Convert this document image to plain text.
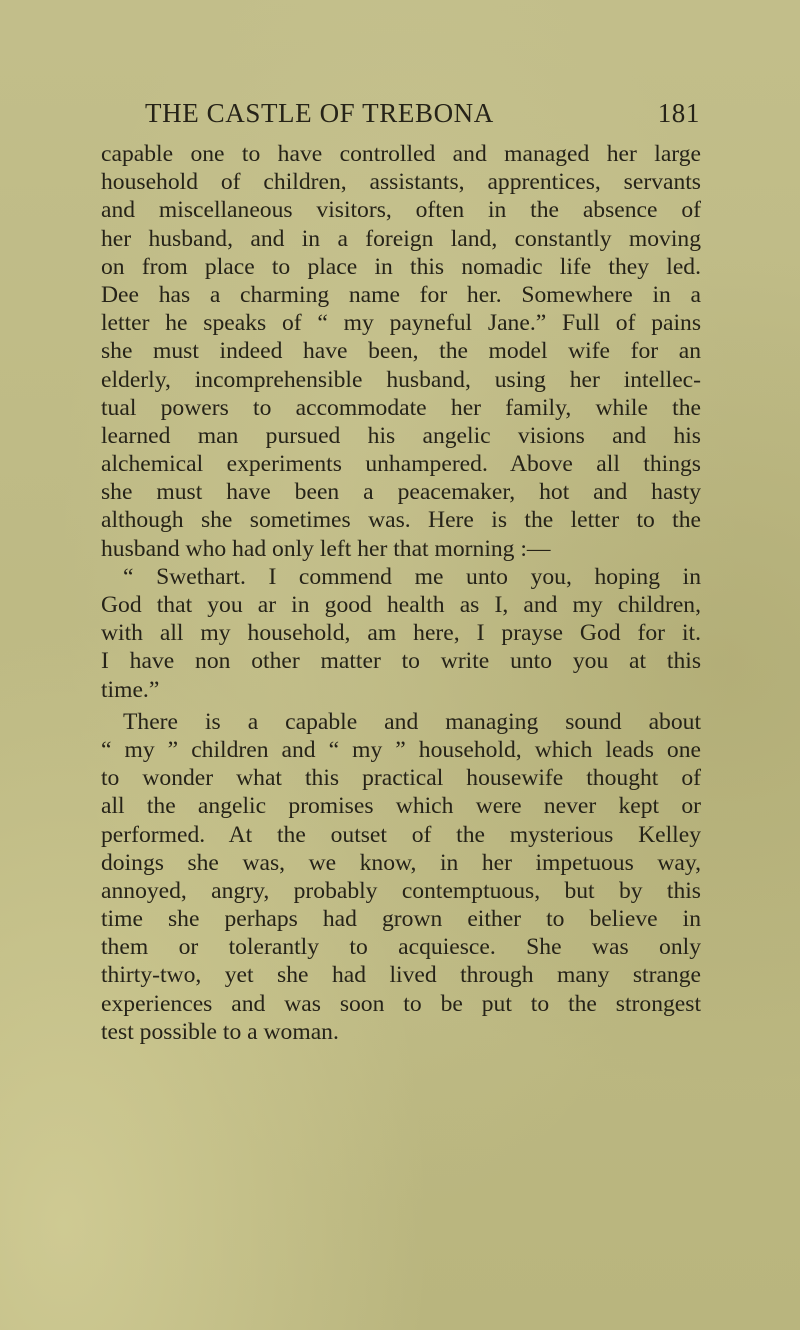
THE CASTLE OF TREBONA	181
capable one to have controlled and managed her large
household of children, assistants, apprentices, servants
and miscellaneous visitors, often in the absence of
her husband, and in a foreign land, constantly moving
on from place to place in this nomadic life they led.
Dee has a charming name for her. Somewhere in a
letter he speaks of “ my payneful Jane.” Full of pains
she must indeed have been, the model wife for an
elderly, incomprehensible husband, using her intellec-
tual powers to accommodate her family, while the
learned man pursued his angelic visions and his
alchemical experiments unhampered. Above all things
she must have been a peacemaker, hot and hasty
although she sometimes was. Here is the letter to the
husband who had only left her that morning :—
“ Swethart. I commend me unto you, hoping in
God that you ar in good health as I, and my children,
with all my household, am here, I prayse God for it.
I have non other matter to write unto you at this
time.”
There is a capable and managing sound about
“ my ” children and “ my ” household, which leads one
to wonder what this practical housewife thought of
all the angelic promises which were never kept or
performed. At the outset of the mysterious Kelley
doings she was, we know, in her impetuous way,
annoyed, angry, probably contemptuous, but by this
time she perhaps had grown either to believe in
them or tolerantly to acquiesce. She was only
thirty-two, yet she had lived through many strange
experiences and was soon to be put to the strongest
test possible to a woman.
